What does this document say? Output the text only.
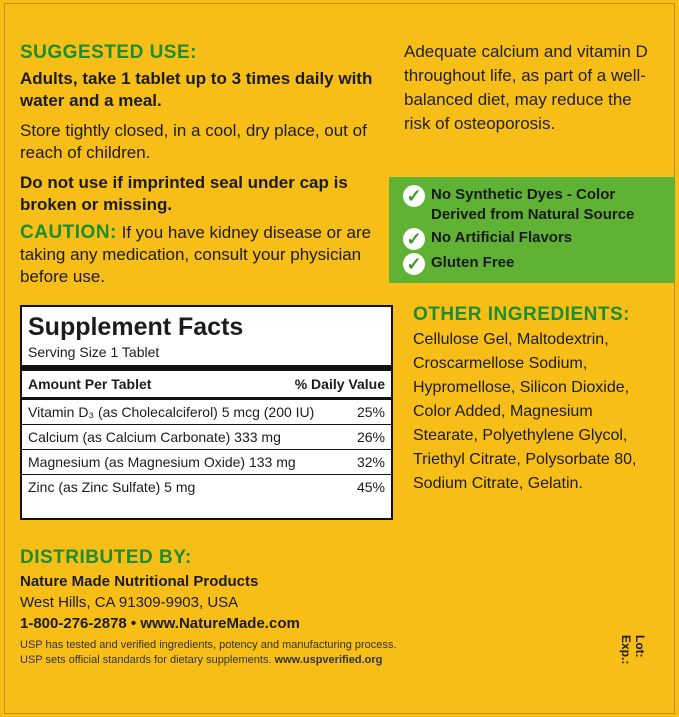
SUGGESTED USE:

Adults, take 1 tablet up to 3 times daily with water and a meal.

Store tightly closed, in a cool, dry place, out of reach of children.

Do not use if imprinted seal under cap is broken or missing.

CAUTION: If you have kidney disease or are taking any medication, consult your physician before use.

Supplement Facts
Serving Size 1 Tablet
Amount Per Tablet	% Daily Value
Vitamin D₃ (as Cholecalciferol) 5 mcg (200 IU)	25%
Calcium (as Calcium Carbonate) 333 mg	26%
Magnesium (as Magnesium Oxide) 133 mg	32%
Zinc (as Zinc Sulfate) 5 mg	45%

Adequate calcium and vitamin D throughout life, as part of a well-balanced diet, may reduce the risk of osteoporosis.

✓ No Synthetic Dyes - Color Derived from Natural Source
✓ No Artificial Flavors
✓ Gluten Free

OTHER INGREDIENTS:

Cellulose Gel, Maltodextrin, Croscarmellose Sodium, Hypromellose, Silicon Dioxide, Color Added, Magnesium Stearate, Polyethylene Glycol, Triethyl Citrate, Polysorbate 80, Sodium Citrate, Gelatin.

DISTRIBUTED BY:

Nature Made Nutritional Products

West Hills, CA 91309-9903, USA

1-800-276-2878 • www.NatureMade.com

USP has tested and verified ingredients, potency and manufacturing process.

USP sets official standards for dietary supplements. www.uspverified.org

Lot:
Exp.:
